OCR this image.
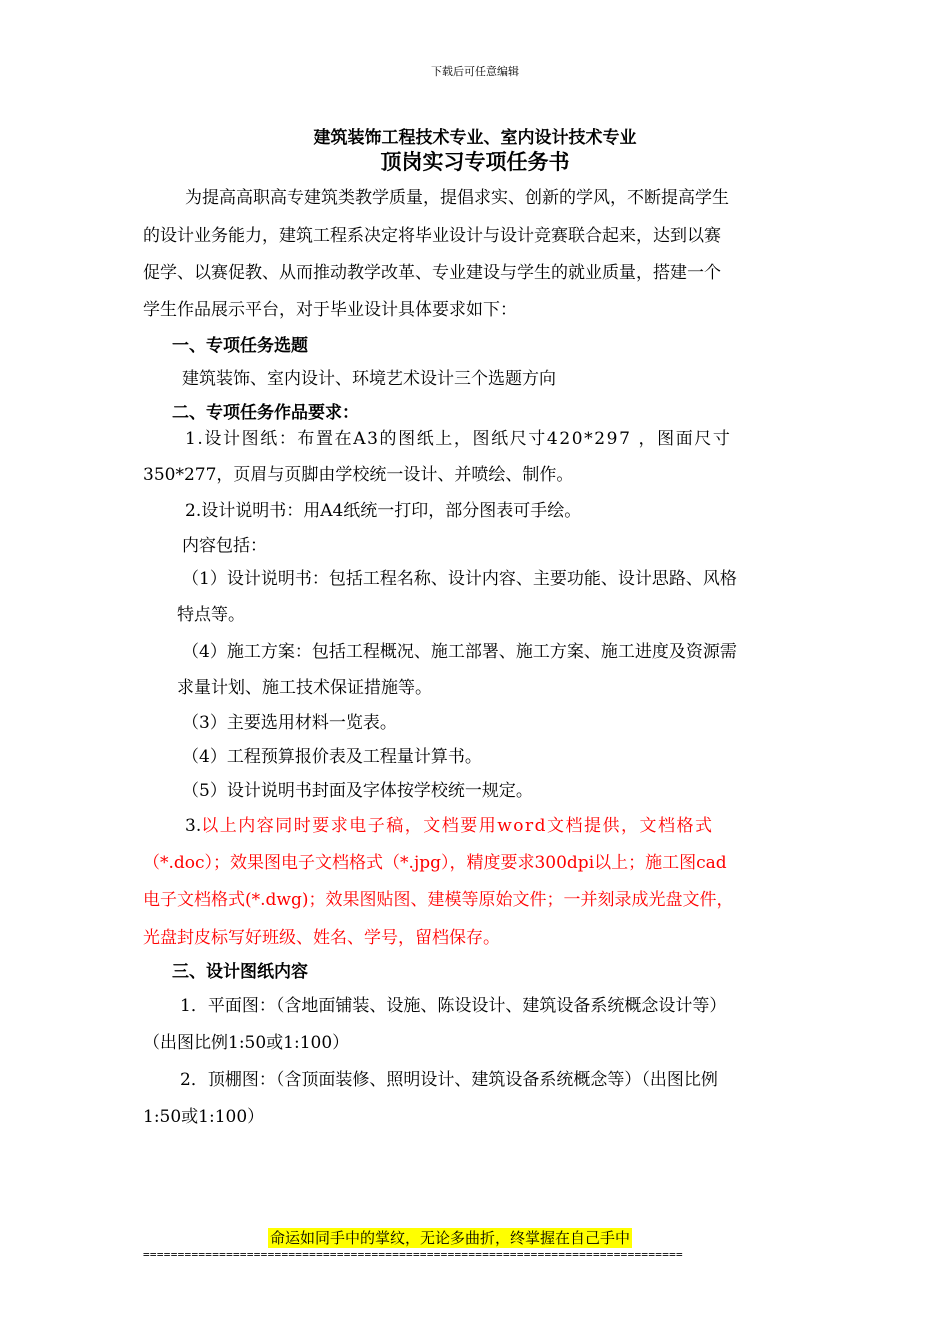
下载后可任意编辑
建筑装饰工程技术专业、室内设计技术专业
顶岗实习专项任务书
为提高高职高专建筑类教学质量，提倡求实、创新的学风，不断提高学生
的设计业务能力，建筑工程系决定将毕业设计与设计竞赛联合起来，达到以赛
促学、以赛促教、从而推动教学改革、专业建设与学生的就业质量，搭建一个
学生作品展示平台，对于毕业设计具体要求如下：
一、专项任务选题
建筑装饰、室内设计、环境艺术设计三个选题方向
二、专项任务作品要求：
1.设计图纸：布置在A3的图纸上，图纸尺寸420*297 ，图面尺寸
350*277，页眉与页脚由学校统一设计、并喷绘、制作。
2.设计说明书：用A4纸统一打印，部分图表可手绘。
内容包括：
（1）设计说明书：包括工程名称、设计内容、主要功能、设计思路、风格
特点等。
（4）施工方案：包括工程概况、施工部署、施工方案、施工进度及资源需
求量计划、施工技术保证措施等。
（3）主要选用材料一览表。
（4）工程预算报价表及工程量计算书。
（5）设计说明书封面及字体按学校统一规定。
3.以上内容同时要求电子稿，文档要用word文档提供，文档格式
（*.doc）；效果图电子文档格式（*.jpg），精度要求300dpi以上；施工图cad
电子文档格式(*.dwg)；效果图贴图、建模等原始文件；一并刻录成光盘文件，
光盘封皮标写好班级、姓名、学号，留档保存。
三、设计图纸内容
1．平面图：（含地面铺装、设施、陈设设计、建筑设备系统概念设计等）
（出图比例1:50或1:100）
2．顶棚图：（含顶面装修、照明设计、建筑设备系统概念等）（出图比例
1:50或1:100）
命运如同手中的掌纹，无论多曲折，终掌握在自己手中
==============================================================================
